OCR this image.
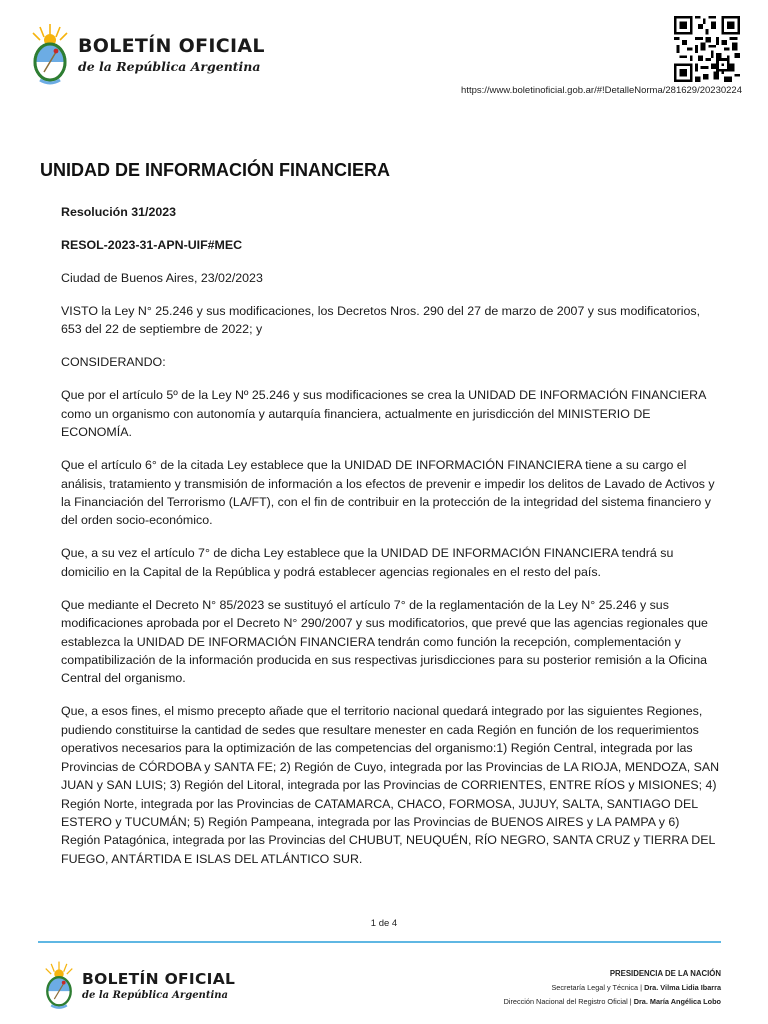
BOLETÍN OFICIAL
de la República Argentina
https://www.boletinoficial.gob.ar/#!DetalleNorma/281629/20230224
UNIDAD DE INFORMACIÓN FINANCIERA

Resolución 31/2023

RESOL-2023-31-APN-UIF#MEC

Ciudad de Buenos Aires, 23/02/2023

VISTO la Ley N° 25.246 y sus modificaciones, los Decretos Nros. 290 del 27 de marzo de 2007 y sus modificatorios, 653 del 22 de septiembre de 2022; y

CONSIDERANDO:

Que por el artículo 5º de la Ley Nº 25.246 y sus modificaciones se crea la UNIDAD DE INFORMACIÓN FINANCIERA como un organismo con autonomía y autarquía financiera, actualmente en jurisdicción del MINISTERIO DE ECONOMÍA.

Que el artículo 6° de la citada Ley establece que la UNIDAD DE INFORMACIÓN FINANCIERA tiene a su cargo el análisis, tratamiento y transmisión de información a los efectos de prevenir e impedir los delitos de Lavado de Activos y la Financiación del Terrorismo (LA/FT), con el fin de contribuir en la protección de la integridad del sistema financiero y del orden socio-económico.

Que, a su vez el artículo 7° de dicha Ley establece que la UNIDAD DE INFORMACIÓN FINANCIERA tendrá su domicilio en la Capital de la República y podrá establecer agencias regionales en el resto del país.

Que mediante el Decreto N° 85/2023 se sustituyó el artículo 7° de la reglamentación de la Ley N° 25.246 y sus modificaciones aprobada por el Decreto N° 290/2007 y sus modificatorios, que prevé que las agencias regionales que establezca la UNIDAD DE INFORMACIÓN FINANCIERA tendrán como función la recepción, complementación y compatibilización de la información producida en sus respectivas jurisdicciones para su posterior remisión a la Oficina Central del organismo.

Que, a esos fines, el mismo precepto añade que el territorio nacional quedará integrado por las siguientes Regiones, pudiendo constituirse la cantidad de sedes que resultare menester en cada Región en función de los requerimientos operativos necesarios para la optimización de las competencias del organismo:1) Región Central, integrada por las Provincias de CÓRDOBA y SANTA FE; 2) Región de Cuyo, integrada por las Provincias de LA RIOJA, MENDOZA, SAN JUAN y SAN LUIS; 3) Región del Litoral, integrada por las Provincias de CORRIENTES, ENTRE RÍOS y MISIONES; 4) Región Norte, integrada por las Provincias de CATAMARCA, CHACO, FORMOSA, JUJUY, SALTA, SANTIAGO DEL ESTERO y TUCUMÁN; 5) Región Pampeana, integrada por las Provincias de BUENOS AIRES y LA PAMPA y 6) Región Patagónica, integrada por las Provincias del CHUBUT, NEUQUÉN, RÍO NEGRO, SANTA CRUZ y TIERRA DEL FUEGO, ANTÁRTIDA E ISLAS DEL ATLÁNTICO SUR.

1 de 4
BOLETÍN OFICIAL
de la República Argentina
PRESIDENCIA DE LA NACIÓN
Secretaría Legal y Técnica | Dra. Vilma Lidia Ibarra
Dirección Nacional del Registro Oficial | Dra. María Angélica Lobo
